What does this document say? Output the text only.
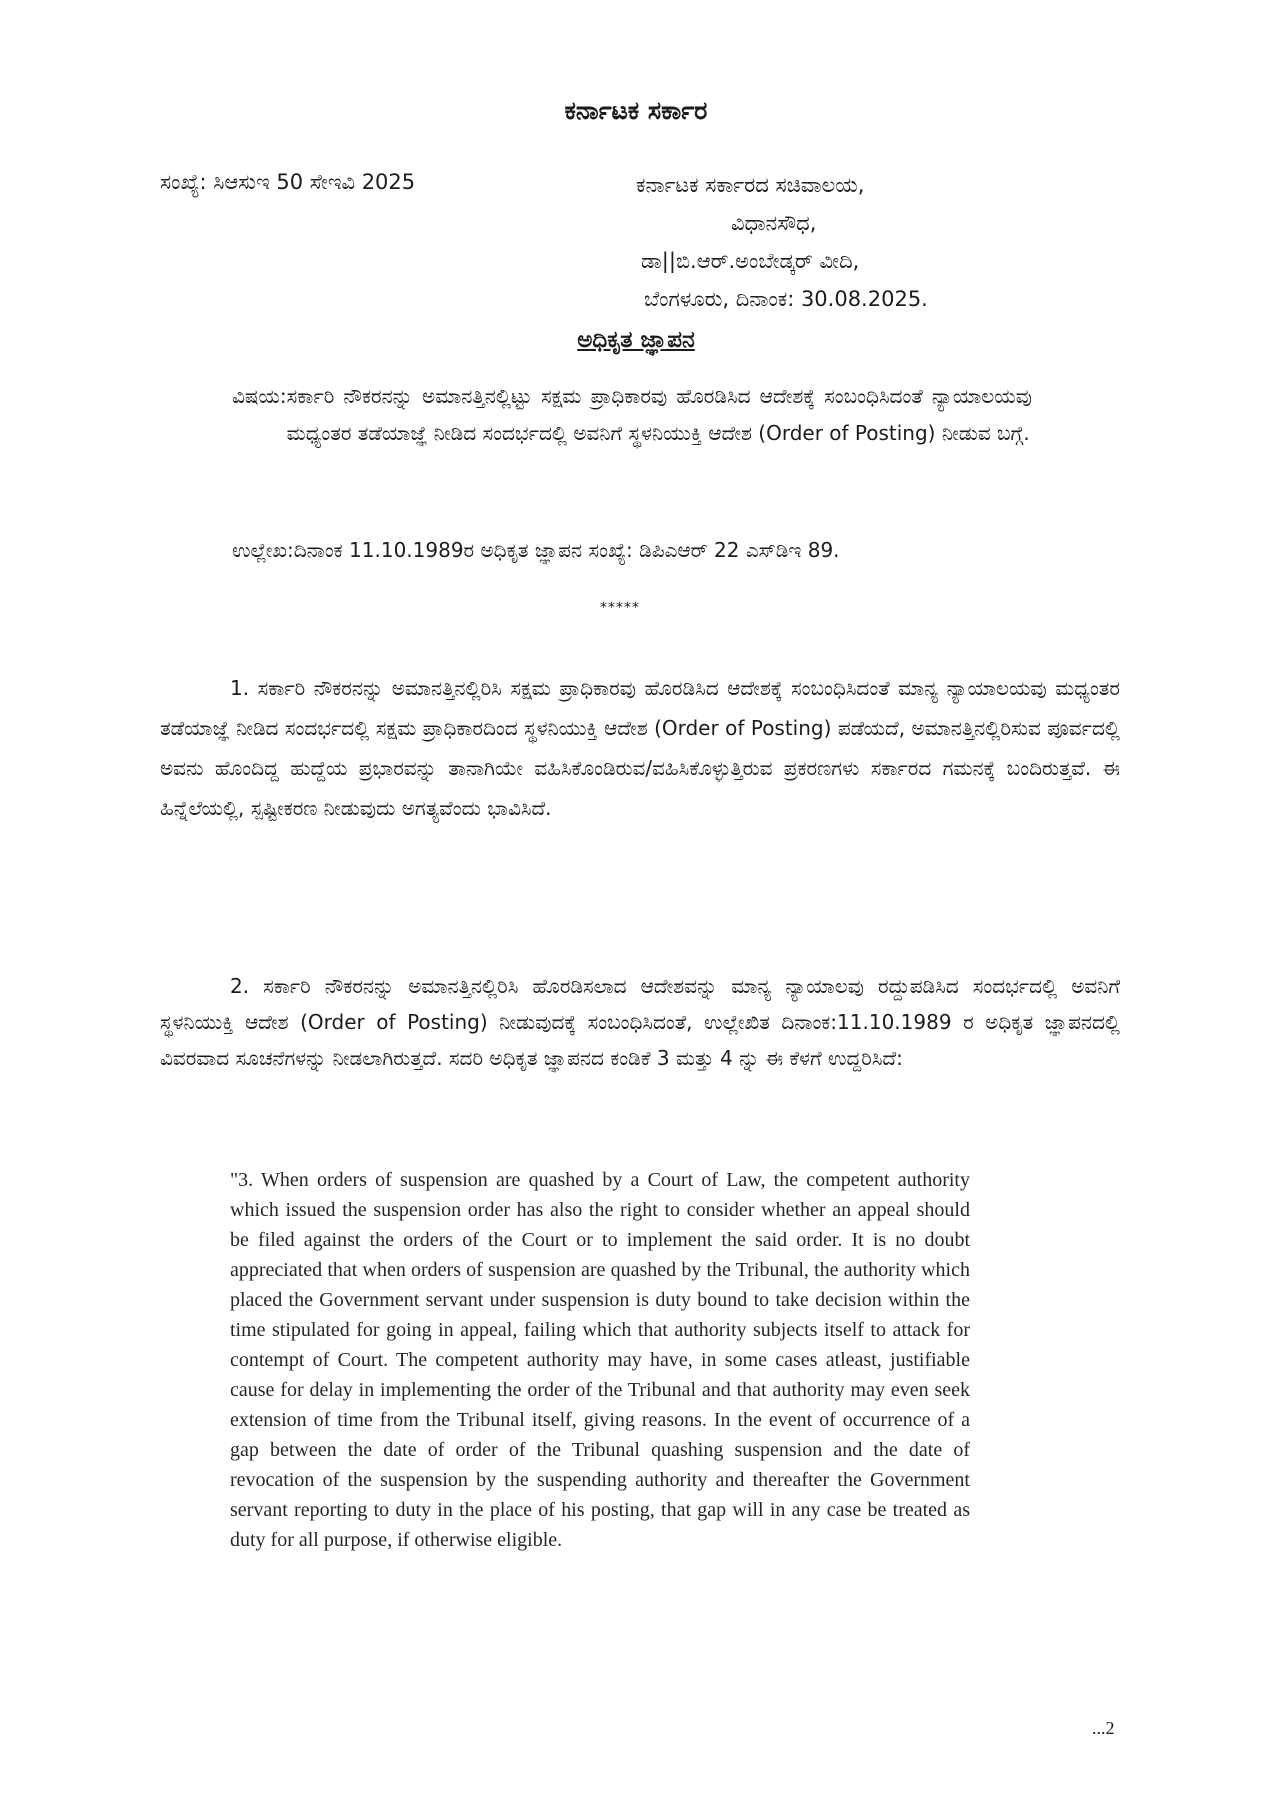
ಕರ್ನಾಟಕ ಸರ್ಕಾರ
ಸಂಖ್ಯೆ: ಸಿಆಸುಇ 50 ಸೇಇವಿ 2025	ಕರ್ನಾಟಕ ಸರ್ಕಾರದ ಸಚಿವಾಲಯ,
ವಿಧಾನಸೌಧ,
ಡಾ||ಬಿ.ಆರ್.ಅಂಬೇಡ್ಕರ್ ವೀದಿ,
ಬೆಂಗಳೂರು, ದಿನಾಂಕ: 30.08.2025.
ಅಧಿಕೃತ ಜ್ಞಾಪನ
ವಿಷಯ: ಸರ್ಕಾರಿ ನೌಕರನನ್ನು ಅಮಾನತ್ತಿನಲ್ಲಿಟ್ಟು ಸಕ್ಷಮ ಪ್ರಾಧಿಕಾರವು ಹೊರಡಿಸಿದ ಆದೇಶಕ್ಕೆ ಸಂಬಂಧಿಸಿದಂತೆ ನ್ಯಾಯಾಲಯವು ಮಧ್ಯಂತರ ತಡೆಯಾಜ್ಞೆ ನೀಡಿದ ಸಂದರ್ಭದಲ್ಲಿ ಅವನಿಗೆ ಸ್ಥಳನಿಯುಕ್ತಿ ಆದೇಶ (Order of Posting) ನೀಡುವ ಬಗ್ಗೆ.
ಉಲ್ಲೇಖ: ದಿನಾಂಕ 11.10.1989ರ ಅಧಿಕೃತ ಜ್ಞಾಪನ ಸಂಖ್ಯೆ: ಡಿಪಿಎಆರ್ 22 ಎಸ್‌ಡಿಇ 89.
*****
1. ಸರ್ಕಾರಿ ನೌಕರನನ್ನು ಅಮಾನತ್ತಿನಲ್ಲಿರಿಸಿ ಸಕ್ಷಮ ಪ್ರಾಧಿಕಾರವು ಹೊರಡಿಸಿದ ಆದೇಶಕ್ಕೆ ಸಂಬಂಧಿಸಿದಂತೆ ಮಾನ್ಯ ನ್ಯಾಯಾಲಯವು ಮಧ್ಯಂತರ ತಡೆಯಾಜ್ಞೆ ನೀಡಿದ ಸಂದರ್ಭದಲ್ಲಿ ಸಕ್ಷಮ ಪ್ರಾಧಿಕಾರದಿಂದ ಸ್ಥಳನಿಯುಕ್ತಿ ಆದೇಶ (Order of Posting) ಪಡೆಯದೆ, ಅಮಾನತ್ತಿನಲ್ಲಿರಿಸುವ ಪೂರ್ವದಲ್ಲಿ ಅವನು ಹೊಂದಿದ್ದ ಹುದ್ದೆಯ ಪ್ರಭಾರವನ್ನು ತಾನಾಗಿಯೇ ವಹಿಸಿಕೊಂಡಿರುವ/ವಹಿಸಿಕೊಳ್ಳುತ್ತಿರುವ ಪ್ರಕರಣಗಳು ಸರ್ಕಾರದ ಗಮನಕ್ಕೆ ಬಂದಿರುತ್ತವೆ. ಈ ಹಿನ್ನೆಲೆಯಲ್ಲಿ, ಸ್ಪಷ್ಟೀಕರಣ ನೀಡುವುದು ಅಗತ್ಯವೆಂದು ಭಾವಿಸಿದೆ.
2. ಸರ್ಕಾರಿ ನೌಕರನನ್ನು ಅಮಾನತ್ತಿನಲ್ಲಿರಿಸಿ ಹೊರಡಿಸಲಾದ ಆದೇಶವನ್ನು ಮಾನ್ಯ ನ್ಯಾಯಾಲವು ರದ್ದುಪಡಿಸಿದ ಸಂದರ್ಭದಲ್ಲಿ ಅವನಿಗೆ ಸ್ಥಳನಿಯುಕ್ತಿ ಆದೇಶ (Order of Posting) ನೀಡುವುದಕ್ಕೆ ಸಂಬಂಧಿಸಿದಂತೆ, ಉಲ್ಲೇಖಿತ ದಿನಾಂಕ:11.10.1989 ರ ಅಧಿಕೃತ ಜ್ಞಾಪನದಲ್ಲಿ ವಿವರವಾದ ಸೂಚನೆಗಳನ್ನು ನೀಡಲಾಗಿರುತ್ತದೆ. ಸದರಿ ಅಧಿಕೃತ ಜ್ಞಾಪನದ ಕಂಡಿಕೆ 3 ಮತ್ತು 4 ನ್ನು ಈ ಕೆಳಗೆ ಉದ್ದರಿಸಿದೆ:
"3. When orders of suspension are quashed by a Court of Law, the competent authority which issued the suspension order has also the right to consider whether an appeal should be filed against the orders of the Court or to implement the said order. It is no doubt appreciated that when orders of suspension are quashed by the Tribunal, the authority which placed the Government servant under suspension is duty bound to take decision within the time stipulated for going in appeal, failing which that authority subjects itself to attack for contempt of Court. The competent authority may have, in some cases atleast, justifiable cause for delay in implementing the order of the Tribunal and that authority may even seek extension of time from the Tribunal itself, giving reasons. In the event of occurrence of a gap between the date of order of the Tribunal quashing suspension and the date of revocation of the suspension by the suspending authority and thereafter the Government servant reporting to duty in the place of his posting, that gap will in any case be treated as duty for all purpose, if otherwise eligible.
...2
